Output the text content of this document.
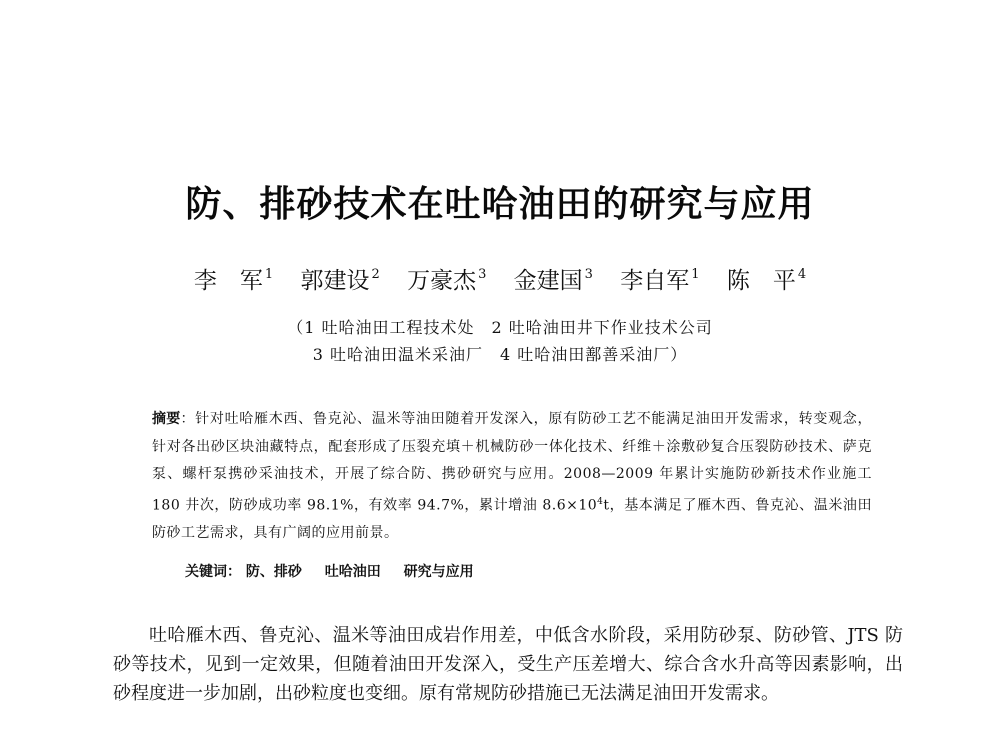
防、排砂技术在吐哈油田的研究与应用
李　军 $^1$ 郭建设 $^2$ 万豪杰 $^3$ 金建国 $^3$ 李自军 $^1$ 陈　平 $^4$
（1 吐哈油田工程技术处　2 吐哈油田井下作业技术公司
3 吐哈油田温米采油厂　4 吐哈油田鄯善采油厂）
摘要：针对吐哈雁木西、鲁克沁、温米等油田随着开发深入，原有防砂工艺不能满足油田开发需求，转变观念，针对各出砂区块油藏特点，配套形成了压裂充填＋机械防砂一体化技术、纤维＋涂敷砂复合压裂防砂技术、萨克泵、螺杆泵携砂采油技术，开展了综合防、携砂研究与应用。2008—2009 年累计实施防砂新技术作业施工 180 井次，防砂成功率 98.1%，有效率 94.7%，累计增油 $8.6\times 10^4t$，基本满足了雁木西、鲁克沁、温米油田防砂工艺需求，具有广阔的应用前景。
关键词： 防、排砂 吐哈油田 研究与应用
吐哈雁木西、鲁克沁、温米等油田成岩作用差，中低含水阶段，采用防砂泵、防砂管、JTS 防砂等技术，见到一定效果，但随着油田开发深入，受生产压差增大、综合含水升高等因素影响，出砂程度进一步加剧，出砂粒度也变细。原有常规防砂措施已无法满足油田开发需求。
